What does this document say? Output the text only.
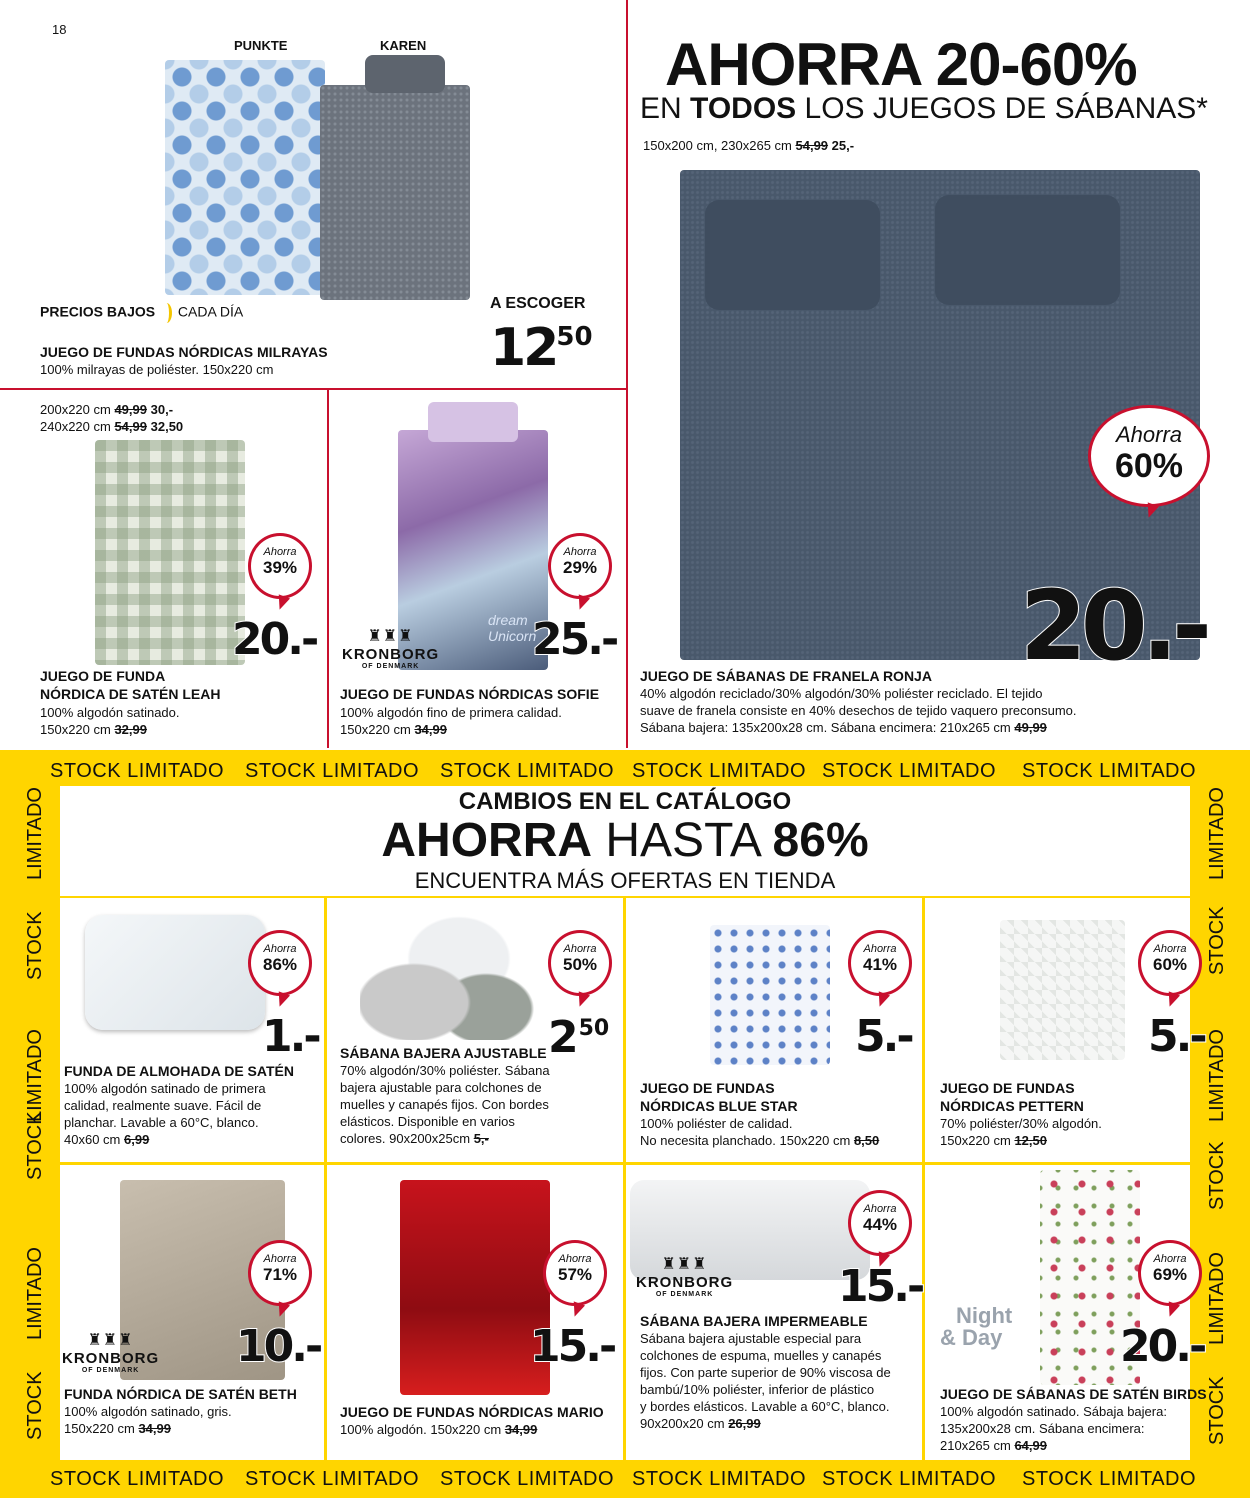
18
PUNKTE	KAREN
PRECIOS BAJOS CADA DÍA
JUEGO DE FUNDAS NÓRDICAS MILRAYAS
100% milrayas de poliéster. 150x220 cm
A ESCOGER
1250
AHORRA 20-60%
EN TODOS LOS JUEGOS DE SÁBANAS*
150x200 cm, 230x265 cm 54,99 25,-
Ahorra
60%
20.-
JUEGO DE SÁBANAS DE FRANELA RONJA
40% algodón reciclado/30% algodón/30% poliéster reciclado. El tejido
suave de franela consiste en 40% desechos de tejido vaquero preconsumo.
Sábana bajera: 135x200x28 cm. Sábana encimera: 210x265 cm 49,99
200x220 cm 49,99 30,-
240x220 cm 54,99 32,50
Ahorra
39%
20.-
JUEGO DE FUNDA
NÓRDICA DE SATÉN LEAH
100% algodón satinado.
150x220 cm 32,99
dream
Unicorn
Ahorra
29%
25.-
♜♜♜
KRONBORG
OF DENMARK
JUEGO DE FUNDAS NÓRDICAS SOFIE
100% algodón fino de primera calidad.
150x220 cm 34,99
STOCK LIMITADO STOCK LIMITADO STOCK LIMITADO STOCK LIMITADO STOCK LIMITADO STOCK LIMITADO
STOCK LIMITADO STOCK LIMITADO STOCK LIMITADO STOCK LIMITADO STOCK LIMITADO STOCK LIMITADO
LIMITADO
STOCK
LIMITADO
STOCK
LIMITADO
STOCK
LIMITADO
STOCK
LIMITADO
STOCK
LIMITADO
STOCK
CAMBIOS EN EL CATÁLOGO
AHORRA HASTA 86%
ENCUENTRA MÁS OFERTAS EN TIENDA
Ahorra
86%
1.-
FUNDA DE ALMOHADA DE SATÉN
100% algodón satinado de primera
calidad, realmente suave. Fácil de
planchar. Lavable a 60°C, blanco.
40x60 cm 6,99
Ahorra
50%
250
SÁBANA BAJERA AJUSTABLE
70% algodón/30% poliéster. Sábana
bajera ajustable para colchones de
muelles y canapés fijos. Con bordes
elásticos. Disponible en varios
colores. 90x200x25cm 5,-
Ahorra
41%
5.-
JUEGO DE FUNDAS
NÓRDICAS BLUE STAR
100% poliéster de calidad.
No necesita planchado. 150x220 cm 8,50
Ahorra
60%
5.-
JUEGO DE FUNDAS
NÓRDICAS PETTERN
70% poliéster/30% algodón.
150x220 cm 12,50
Ahorra
71%
10.-
♜♜♜
KRONBORG
OF DENMARK
FUNDA NÓRDICA DE SATÉN BETH
100% algodón satinado, gris.
150x220 cm 34,99
Ahorra
57%
15.-
JUEGO DE FUNDAS NÓRDICAS MARIO
100% algodón. 150x220 cm 34,99
Ahorra
44%
15.-
♜♜♜
KRONBORG
OF DENMARK
SÁBANA BAJERA IMPERMEABLE
Sábana bajera ajustable especial para
colchones de espuma, muelles y canapés
fijos. Con parte superior de 90% viscosa de
bambú/10% poliéster, inferior de plástico
y bordes elásticos. Lavable a 60°C, blanco.
90x200x20 cm 26,99
Ahorra
69%
20.-
Night
& Day
JUEGO DE SÁBANAS DE SATÉN BIRDS
100% algodón satinado. Sábaja bajera:
135x200x28 cm. Sábana encimera:
210x265 cm 64,99
